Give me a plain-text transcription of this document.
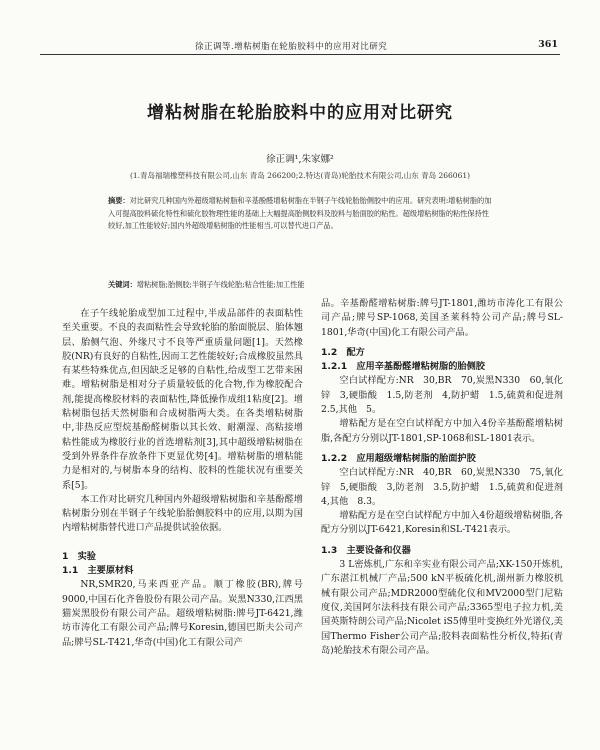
徐正调等.增粘树脂在轮胎胶料中的应用对比研究	361
增粘树脂在轮胎胶料中的应用对比研究
徐正调¹,朱家娜²
(1.青岛福瑞橡塑科技有限公司,山东 青岛 266200;2.特达(青岛)轮胎技术有限公司,山东 青岛 266061)
摘要：对比研究几种国内外超级增粘树脂和辛基酚醛增粘树脂在半钢子午线轮胎胎侧胶中的应用。研究表明:增粘树脂的加入可提高胶料硫化特性和硫化胶物理性能的基础上大幅提高胎侧胶料及胶料与胎面胶的粘性。超级增粘树脂的粘性保持性较好,加工性能较好;国内外超级增粘树脂的性能相当,可以替代进口产品。
关键词：增粘树脂;胎侧胶;半钢子午线轮胎;粘合性能;加工性能

在子午线轮胎成型加工过程中,半成品部件的表面粘性至关重要。不良的表面粘性会导致轮胎的胎面脱层、胎体翘层、胎侧气泡、外缘尺寸不良等严重质量问题[1]。天然橡胶(NR)有良好的自粘性,因而工艺性能较好;合成橡胶虽然具有某些特殊优点,但因缺乏足够的自粘性,给成型工艺带来困难。增粘树脂是相对分子质量较低的化合物,作为橡胶配合剂,能提高橡胶材料的表面粘性,降低操作成组1粘度[2]。增粘树脂包括天然树脂和合成树脂两大类。在各类增粘树脂中,非热反应型烷基酚醛树脂以其长效、耐潮湿、高粘接增粘性能成为橡胶行业的首选增粘剂[3],其中超级增粘树脂在受到外界条件存放条件下更显优势[4]。增粘树脂的增粘能力是相对的,与树脂本身的结构、胶料的性能状况有重要关系[5]。

本工作对比研究几种国内外超级增粘树脂和辛基酚醛增粘树脂分别在半钢子午线轮胎胎侧胶料中的应用,以期为国内增粘树脂替代进口产品提供试验依据。

1　实验

1.1　主要原材料

NR,SMR20,马来西亚产品。顺丁橡胶(BR),牌号9000,中国石化齐鲁股份有限公司产品。炭黑N330,江西黑猫炭黑股份有限公司产品。超级增粘树脂:牌号JT-6421,潍坊市涛化工有限公司产品;牌号Koresin,德国巴斯夫公司产品;牌号SL-T421,华奇(中国)化工有限公司产

品。辛基酚醛增粘树脂:牌号JT-1801,潍坊市涛化工有限公司产品;牌号SP-1068,美国圣莱科特公司产品;牌号SL-1801,华奇(中国)化工有限公司产品。

1.2　配方

1.2.1　应用辛基酚醛增粘树脂的胎侧胶

空白试样配方:NR　30,BR　70,炭黑N330　60,氧化锌　3,硬脂酸　1.5,防老剂　4,防护蜡　1.5,硫黄和促进剂　2.5,其他　5。

增粘配方是在空白试样配方中加入4份辛基酚醛增粘树脂,各配方分别以JT-1801,SP-1068和SL-1801表示。

1.2.2　应用超级增粘树脂的胎面护胶

空白试样配方:NR　40,BR　60,炭黑N330　75,氧化锌　5,硬脂酸　3,防老剂　3.5,防护蜡　1.5,硫黄和促进剂　4,其他　8.3。

增粘配方是在空白试样配方中加入4份超级增粘树脂,各配方分别以JT-6421,Koresin和SL-T421表示。

1.3　主要设备和仪器

3 L密炼机,广东和辛实业有限公司产品;XK-150开炼机,广东湛江机械厂产品;500 kN平板硫化机,湖州新力橡胶机械有限公司产品;MDR2000型硫化仪和MV2000型门尼粘度仪,美国阿尔法科技有限公司产品;3365型电子拉力机,美国英斯特朗公司产品;Nicolet iS5傅里叶变换红外光谱仪,美国Thermo Fisher公司产品;胶料表面粘性分析仪,特拓(青岛)轮胎技术有限公司产品。
